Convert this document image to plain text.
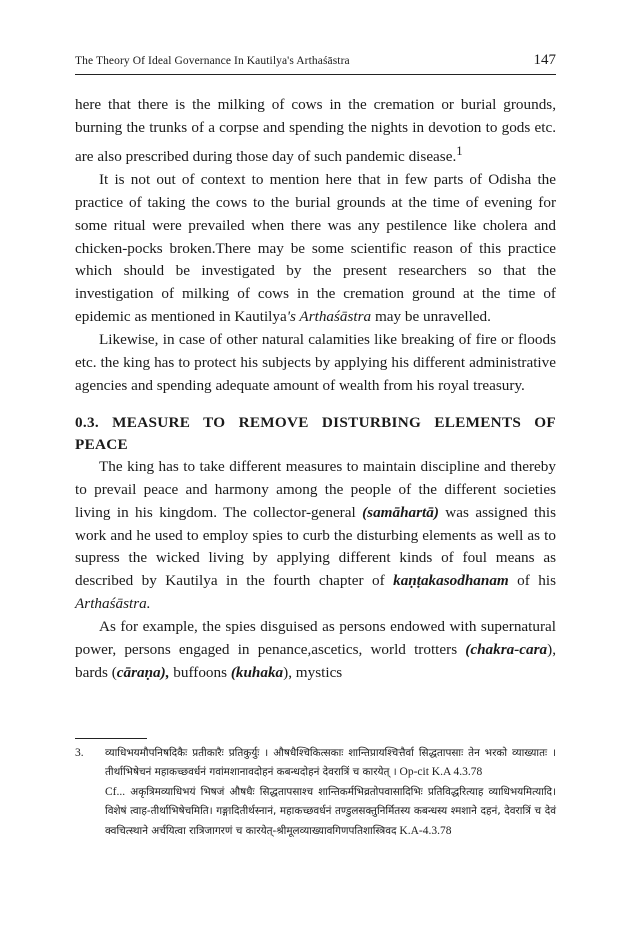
The Theory Of Ideal Governance In Kautilya's Arthaśāstra	147

here that there is the milking of cows in the cremation or burial grounds, burning the trunks of a corpse and spending the nights in devotion to gods etc. are also prescribed during those day of such pandemic disease.$^1$

It is not out of context to mention here that in few parts of Odisha the practice of taking the cows to the burial grounds at the time of evening for some ritual were prevailed when there was any pestilence like cholera and chicken-pocks broken.There may be some scientific reason of this practice which should be investigated by the present researchers so that the investigation of milking of cows in the cremation ground at the time of epidemic as mentioned in Kautilya's Arthaśāstra may be unravelled.

Likewise, in case of other natural calamities like breaking of fire or floods etc. the king has to protect his subjects by applying his different administrative agencies and spending adequate amount of wealth from his royal treasury.

0.3. MEASURE TO REMOVE DISTURBING ELEMENTS OF PEACE

The king has to take different measures to maintain discipline and thereby to prevail peace and harmony among the people of the different societies living in his kingdom. The collector-general (samāhartā) was assigned this work and he used to employ spies to curb the disturbing elements as well as to supress the wicked living by applying different kinds of foul means as described by Kautilya in the fourth chapter of kaṇṭakasodhanam of his Arthaśāstra.

As for example, the spies disguised as persons endowed with supernatural power, persons engaged in penance,ascetics, world trotters (chakra-cara), bards (cāraṇa), buffoons (kuhaka), mystics

3. व्याधिभयमौपनिषदिकैः प्रतीकारैः प्रतिकुर्युः । औषधैश्चिकित्सकाः शान्तिप्रायश्चित्तैर्वा सिद्धतापसाः तेन भरको व्याख्यातः । तीर्थाभिषेचनं महाकच्छवर्धनं गवांमशानावदोहनं कबन्धदोहनं देवरात्रिं च कारयेत् । Op-cit K.A 4.3.78

Cf... अकृत्रिमव्याधिभयं भिषजं औषधैः सिद्धतापसाश्च शान्तिकर्मभिव्रतोपवासादिभिः प्रतिविद्धरित्याह व्याधिभयमित्यादि। विशेषं त्वाह-तीर्थाभिषेचमिति। गङ्गादितीर्थस्नानं, महाकच्छवर्धनं तण्डुलसक्तुनिर्मितस्य कबन्धस्य श्मशाने दहनं, देवरात्रिं च देवं क्वचित्स्थाने अर्चयित्वा रात्रिजागरणं च कारयेत्-श्रीमूलव्याख्यावगिणपतिशास्त्रिवद K.A-4.3.78
